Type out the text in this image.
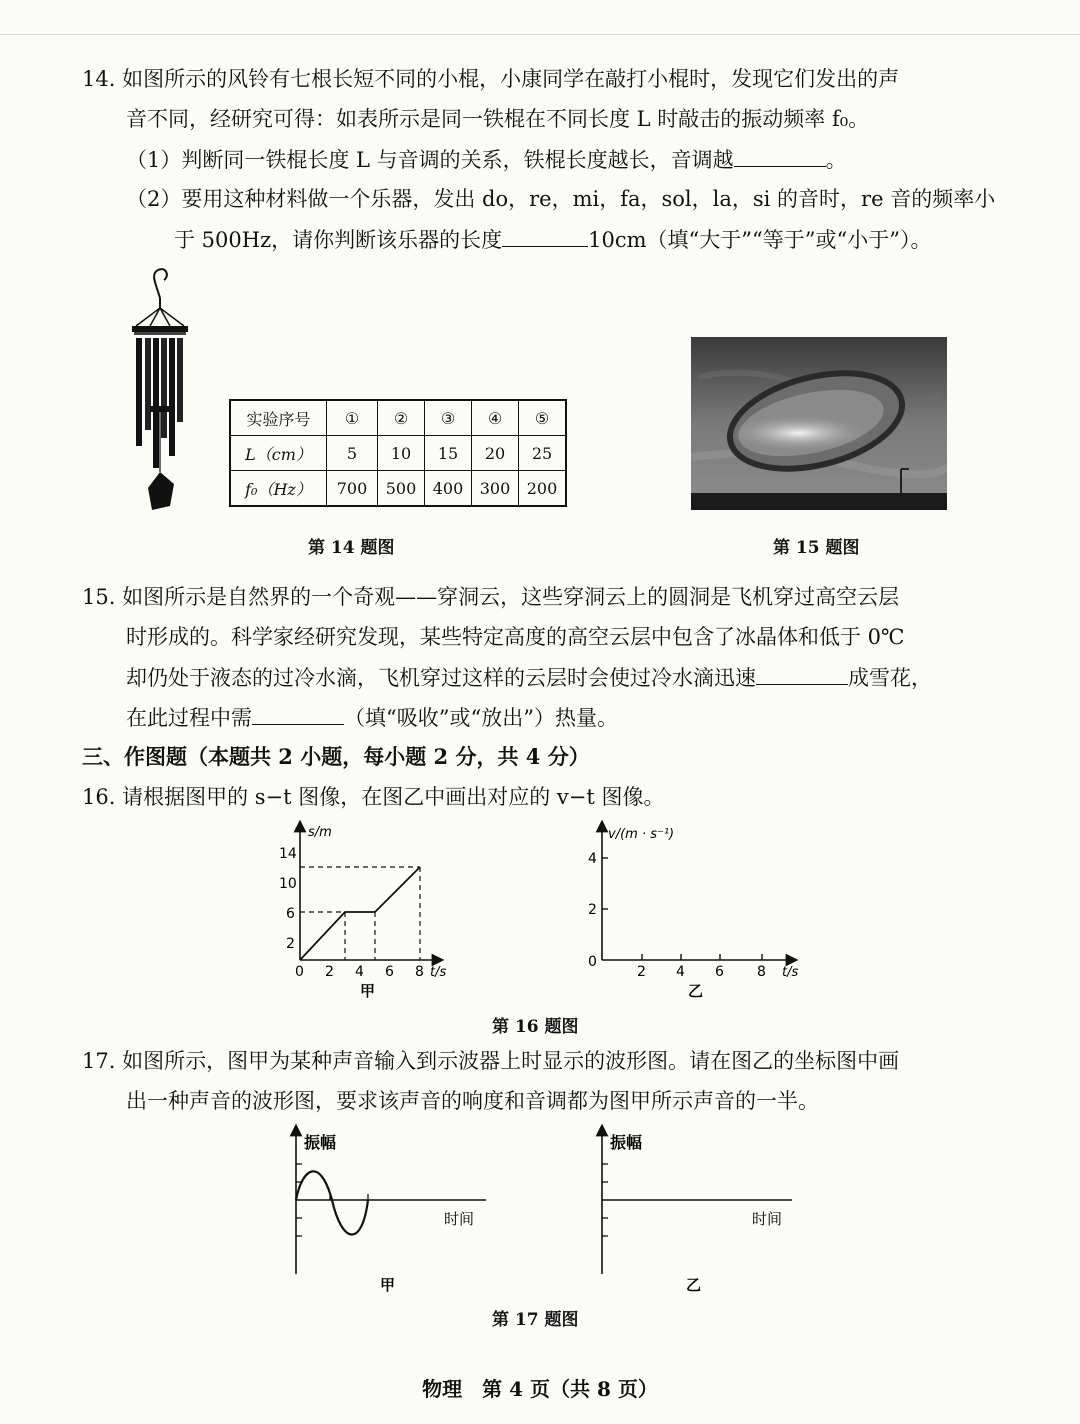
14. 如图所示的风铃有七根长短不同的小棍，小康同学在敲打小棍时，发现它们发出的声
音不同，经研究可得：如表所示是同一铁棍在不同长度 L 时敲击的振动频率 f₀。
（1）判断同一铁棍长度 L 与音调的关系，铁棍长度越长，音调越	。
（2）要用这种材料做一个乐器，发出 do，re，mi，fa，sol，la，si 的音时，re 音的频率小
于 500Hz，请你判断该乐器的长度	10cm（填“大于”“等于”或“小于”）。
实验序号	①	②	③	④	⑤
L（cm）	5	10	15	20	25
f₀（Hz）	700	500	400	300	200
第 14 题图	第 15 题图
15. 如图所示是自然界的一个奇观——穿洞云，这些穿洞云上的圆洞是飞机穿过高空云层
时形成的。科学家经研究发现，某些特定高度的高空云层中包含了冰晶体和低于 0℃
却仍处于液态的过冷水滴，飞机穿过这样的云层时会使过冷水滴迅速	成雪花，
在此过程中需	（填“吸收”或“放出”）热量。
三、作图题（本题共 2 小题，每小题 2 分，共 4 分）
16. 请根据图甲的 s−t 图像，在图乙中画出对应的 v−t 图像。
s/m
t/s
14
10
6
2
0 2 4 6 8
甲
v/(m · s⁻¹)
t/s
4
2
0
2 4 6 8
乙
第 16 题图
17. 如图所示，图甲为某种声音输入到示波器上时显示的波形图。请在图乙的坐标图中画
出一种声音的波形图，要求该声音的响度和音调都为图甲所示声音的一半。
振幅
时间
甲
振幅
时间
乙
第 17 题图
物理　第 4 页（共 8 页）
